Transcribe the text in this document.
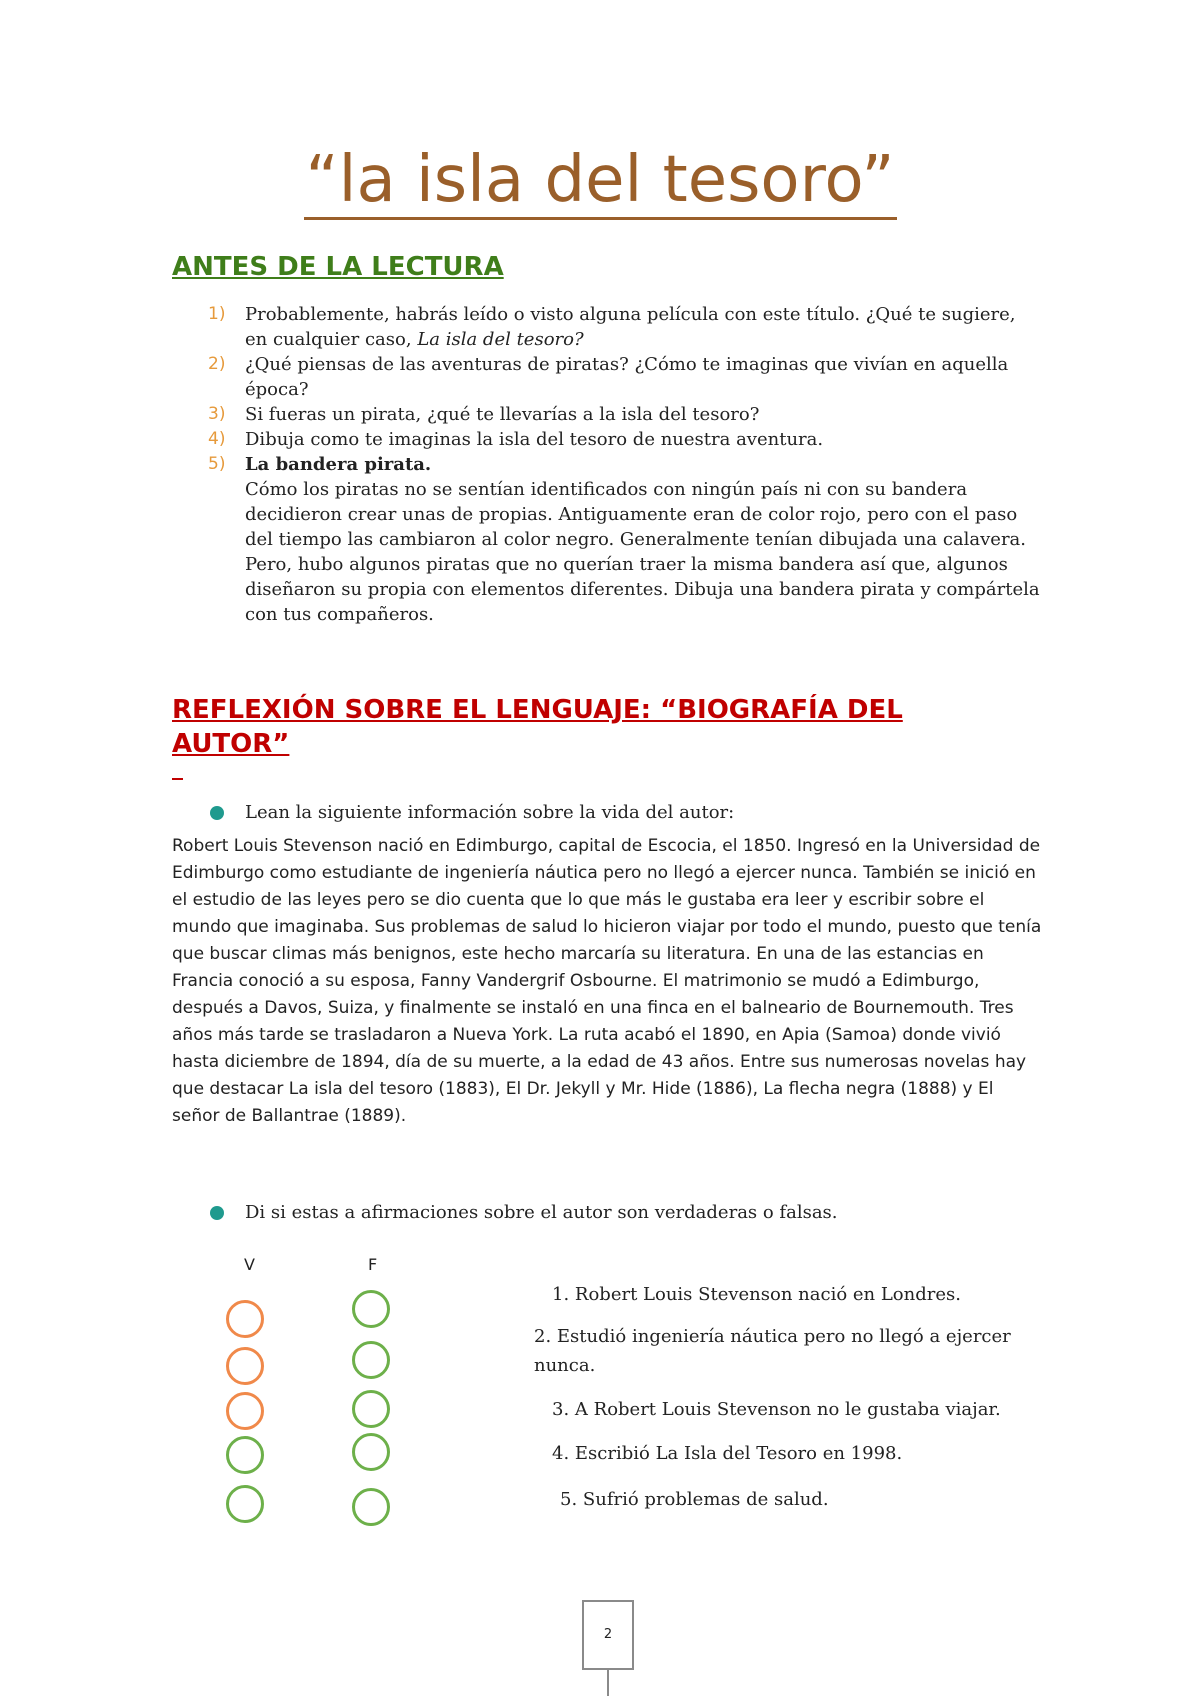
“la isla del tesoro”
ANTES DE LA LECTURA
1) Probablemente, habrás leído o visto alguna película con este título. ¿Qué te sugiere, en cualquier caso, La isla del tesoro?
2) ¿Qué piensas de las aventuras de piratas? ¿Cómo te imaginas que vivían en aquella época?
3) Si fueras un pirata, ¿qué te llevarías a la isla del tesoro?
4) Dibuja como te imaginas la isla del tesoro de nuestra aventura.
5) La bandera pirata.
Cómo los piratas no se sentían identificados con ningún país ni con su bandera decidieron crear unas de propias. Antiguamente eran de color rojo, pero con el paso del tiempo las cambiaron al color negro. Generalmente tenían dibujada una calavera. Pero, hubo algunos piratas que no querían traer la misma bandera así que, algunos diseñaron su propia con elementos diferentes. Dibuja una bandera pirata y compártela con tus compañeros.
REFLEXIÓN SOBRE EL LENGUAJE: “BIOGRAFÍA DEL AUTOR”
Lean la siguiente información sobre la vida del autor:

Robert Louis Stevenson nació en Edimburgo, capital de Escocia, el 1850. Ingresó en la Universidad de Edimburgo como estudiante de ingeniería náutica pero no llegó a ejercer nunca. También se inició en el estudio de las leyes pero se dio cuenta que lo que más le gustaba era leer y escribir sobre el mundo que imaginaba. Sus problemas de salud lo hicieron viajar por todo el mundo, puesto que tenía que buscar climas más benignos, este hecho marcaría su literatura. En una de las estancias en Francia conoció a su esposa, Fanny Vandergrif Osbourne. El matrimonio se mudó a Edimburgo, después a Davos, Suiza, y finalmente se instaló en una finca en el balneario de Bournemouth. Tres años más tarde se trasladaron a Nueva York. La ruta acabó el 1890, en Apia (Samoa) donde vivió hasta diciembre de 1894, día de su muerte, a la edad de 43 años. Entre sus numerosas novelas hay que destacar La isla del tesoro (1883), El Dr. Jekyll y Mr. Hide (1886), La flecha negra (1888) y El señor de Ballantrae (1889).

Di si estas a afirmaciones sobre el autor son verdaderas o falsas.
V	F
1. Robert Louis Stevenson nació en Londres.
2. Estudió ingeniería náutica pero no llegó a ejercer nunca.
3. A Robert Louis Stevenson no le gustaba viajar.
4. Escribió La Isla del Tesoro en 1998.
5. Sufrió problemas de salud.
2
